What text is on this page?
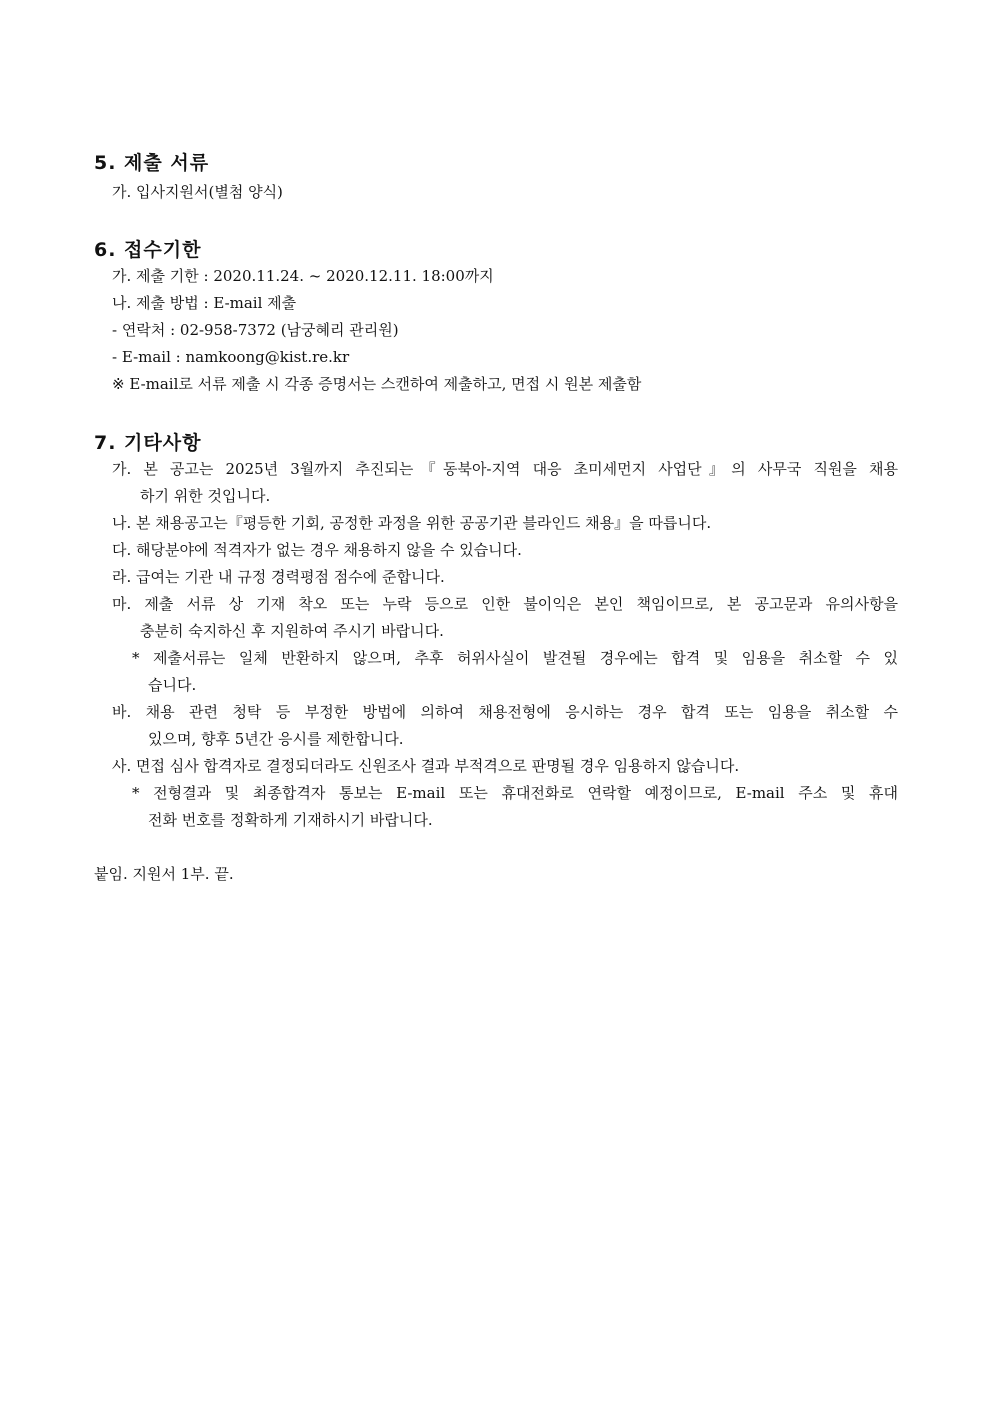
5. 제출 서류
가. 입사지원서(별첨 양식)
6. 접수기한
가. 제출 기한 : 2020.11.24. ~ 2020.12.11. 18:00까지
나. 제출 방법 : E-mail 제출
- 연락처 : 02-958-7372 (남궁혜리 관리원)
- E-mail : namkoong@kist.re.kr
※ E-mail로 서류 제출 시 각종 증명서는 스캔하여 제출하고, 면접 시 원본 제출함
7. 기타사항
가. 본 공고는 2025년 3월까지 추진되는『동북아-지역 대응 초미세먼지 사업단』의 사무국 직원을 채용
하기 위한 것입니다.
나. 본 채용공고는『평등한 기회, 공정한 과정을 위한 공공기관 블라인드 채용』을 따릅니다.
다. 해당분야에 적격자가 없는 경우 채용하지 않을 수 있습니다.
라. 급여는 기관 내 규정 경력평점 점수에 준합니다.
마. 제출 서류 상 기재 착오 또는 누락 등으로 인한 불이익은 본인 책임이므로, 본 공고문과 유의사항을
충분히 숙지하신 후 지원하여 주시기 바랍니다.
* 제출서류는 일체 반환하지 않으며, 추후 허위사실이 발견될 경우에는 합격 및 임용을 취소할 수 있
습니다.
바. 채용 관련 청탁 등 부정한 방법에 의하여 채용전형에 응시하는 경우 합격 또는 임용을 취소할 수
있으며, 향후 5년간 응시를 제한합니다.
사. 면접 심사 합격자로 결정되더라도 신원조사 결과 부적격으로 판명될 경우 임용하지 않습니다.
* 전형결과 및 최종합격자 통보는 E-mail 또는 휴대전화로 연락할 예정이므로, E-mail 주소 및 휴대
전화 번호를 정확하게 기재하시기 바랍니다.
붙임. 지원서 1부. 끝.
